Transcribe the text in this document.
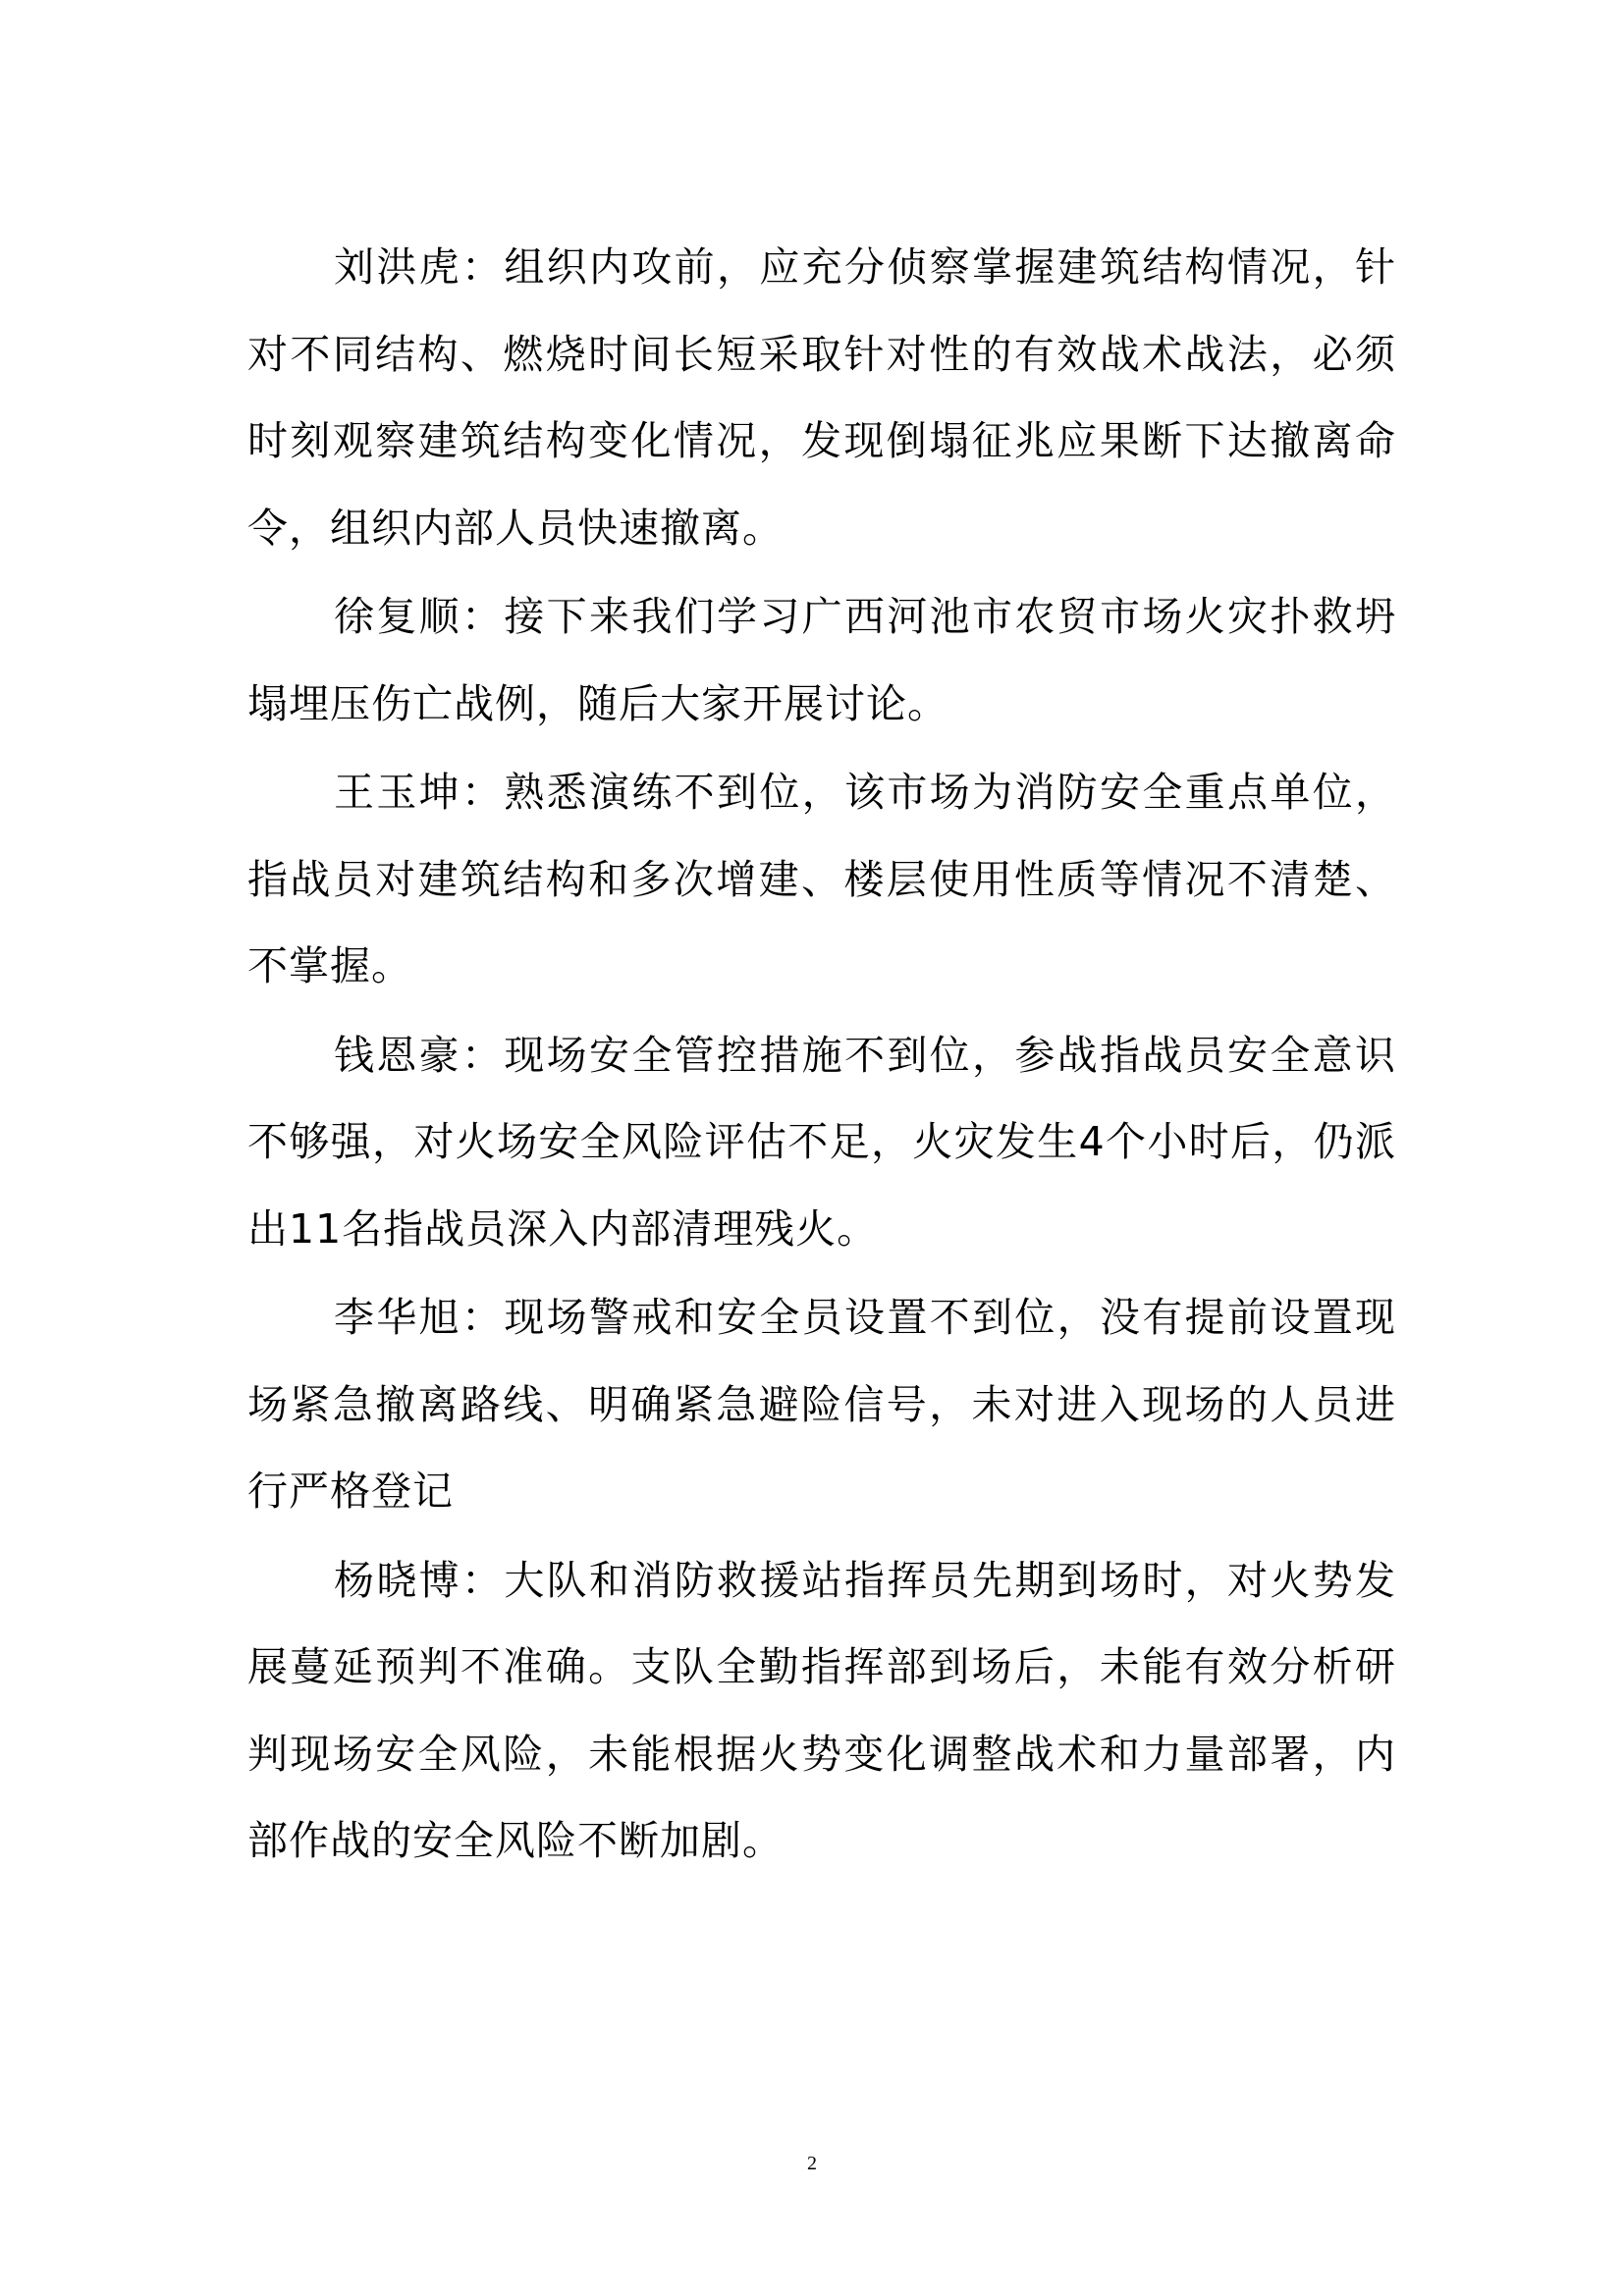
刘洪虎：组织内攻前，应充分侦察掌握建筑结构情况，针对不同结构、燃烧时间长短采取针对性的有效战术战法，必须时刻观察建筑结构变化情况，发现倒塌征兆应果断下达撤离命令，组织内部人员快速撤离。

徐复顺：接下来我们学习广西河池市农贸市场火灾扑救坍塌埋压伤亡战例，随后大家开展讨论。

王玉坤：熟悉演练不到位，该市场为消防安全重点单位，指战员对建筑结构和多次增建、楼层使用性质等情况不清楚、不掌握。

钱恩豪：现场安全管控措施不到位，参战指战员安全意识不够强，对火场安全风险评估不足，火灾发生4个小时后，仍派出11名指战员深入内部清理残火。

李华旭：现场警戒和安全员设置不到位，没有提前设置现场紧急撤离路线、明确紧急避险信号，未对进入现场的人员进行严格登记

杨晓博：大队和消防救援站指挥员先期到场时，对火势发展蔓延预判不准确。支队全勤指挥部到场后，未能有效分析研判现场安全风险，未能根据火势变化调整战术和力量部署，内部作战的安全风险不断加剧。

2
